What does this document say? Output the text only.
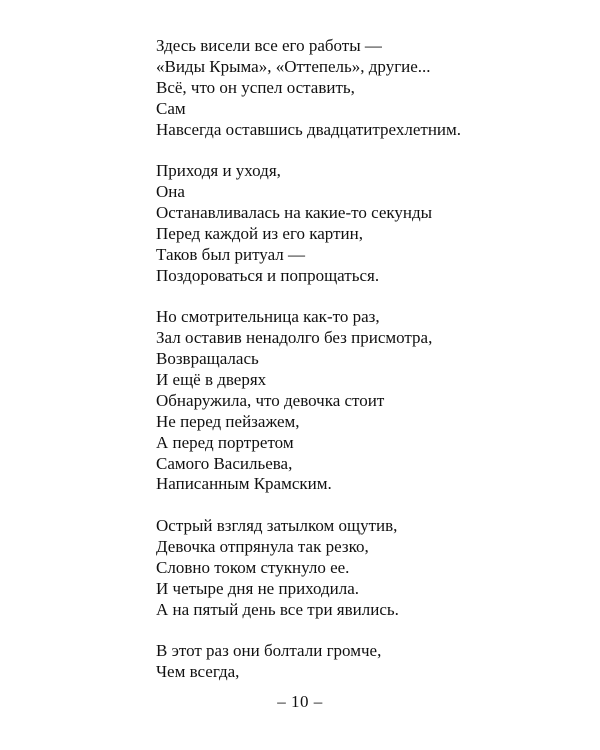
Здесь висели все его работы —
«Виды Крыма», «Оттепель», другие...
Всё, что он успел оставить,
Сам
Навсегда оставшись двадцатитрехлетним.
Приходя и уходя,
Она
Останавливалась на какие-то секунды
Перед каждой из его картин,
Таков был ритуал —
Поздороваться и попрощаться.
Но смотрительница как-то раз,
Зал оставив ненадолго без присмотра,
Возвращалась
И ещё в дверях
Обнаружила, что девочка стоит
Не перед пейзажем,
А перед портретом
Самого Васильева,
Написанным Крамским.
Острый взгляд затылком ощутив,
Девочка отпрянула так резко,
Словно током стукнуло ее.
И четыре дня не приходила.
А на пятый день все три явились.
В этот раз они болтали громче,
Чем всегда,
– 10 –
